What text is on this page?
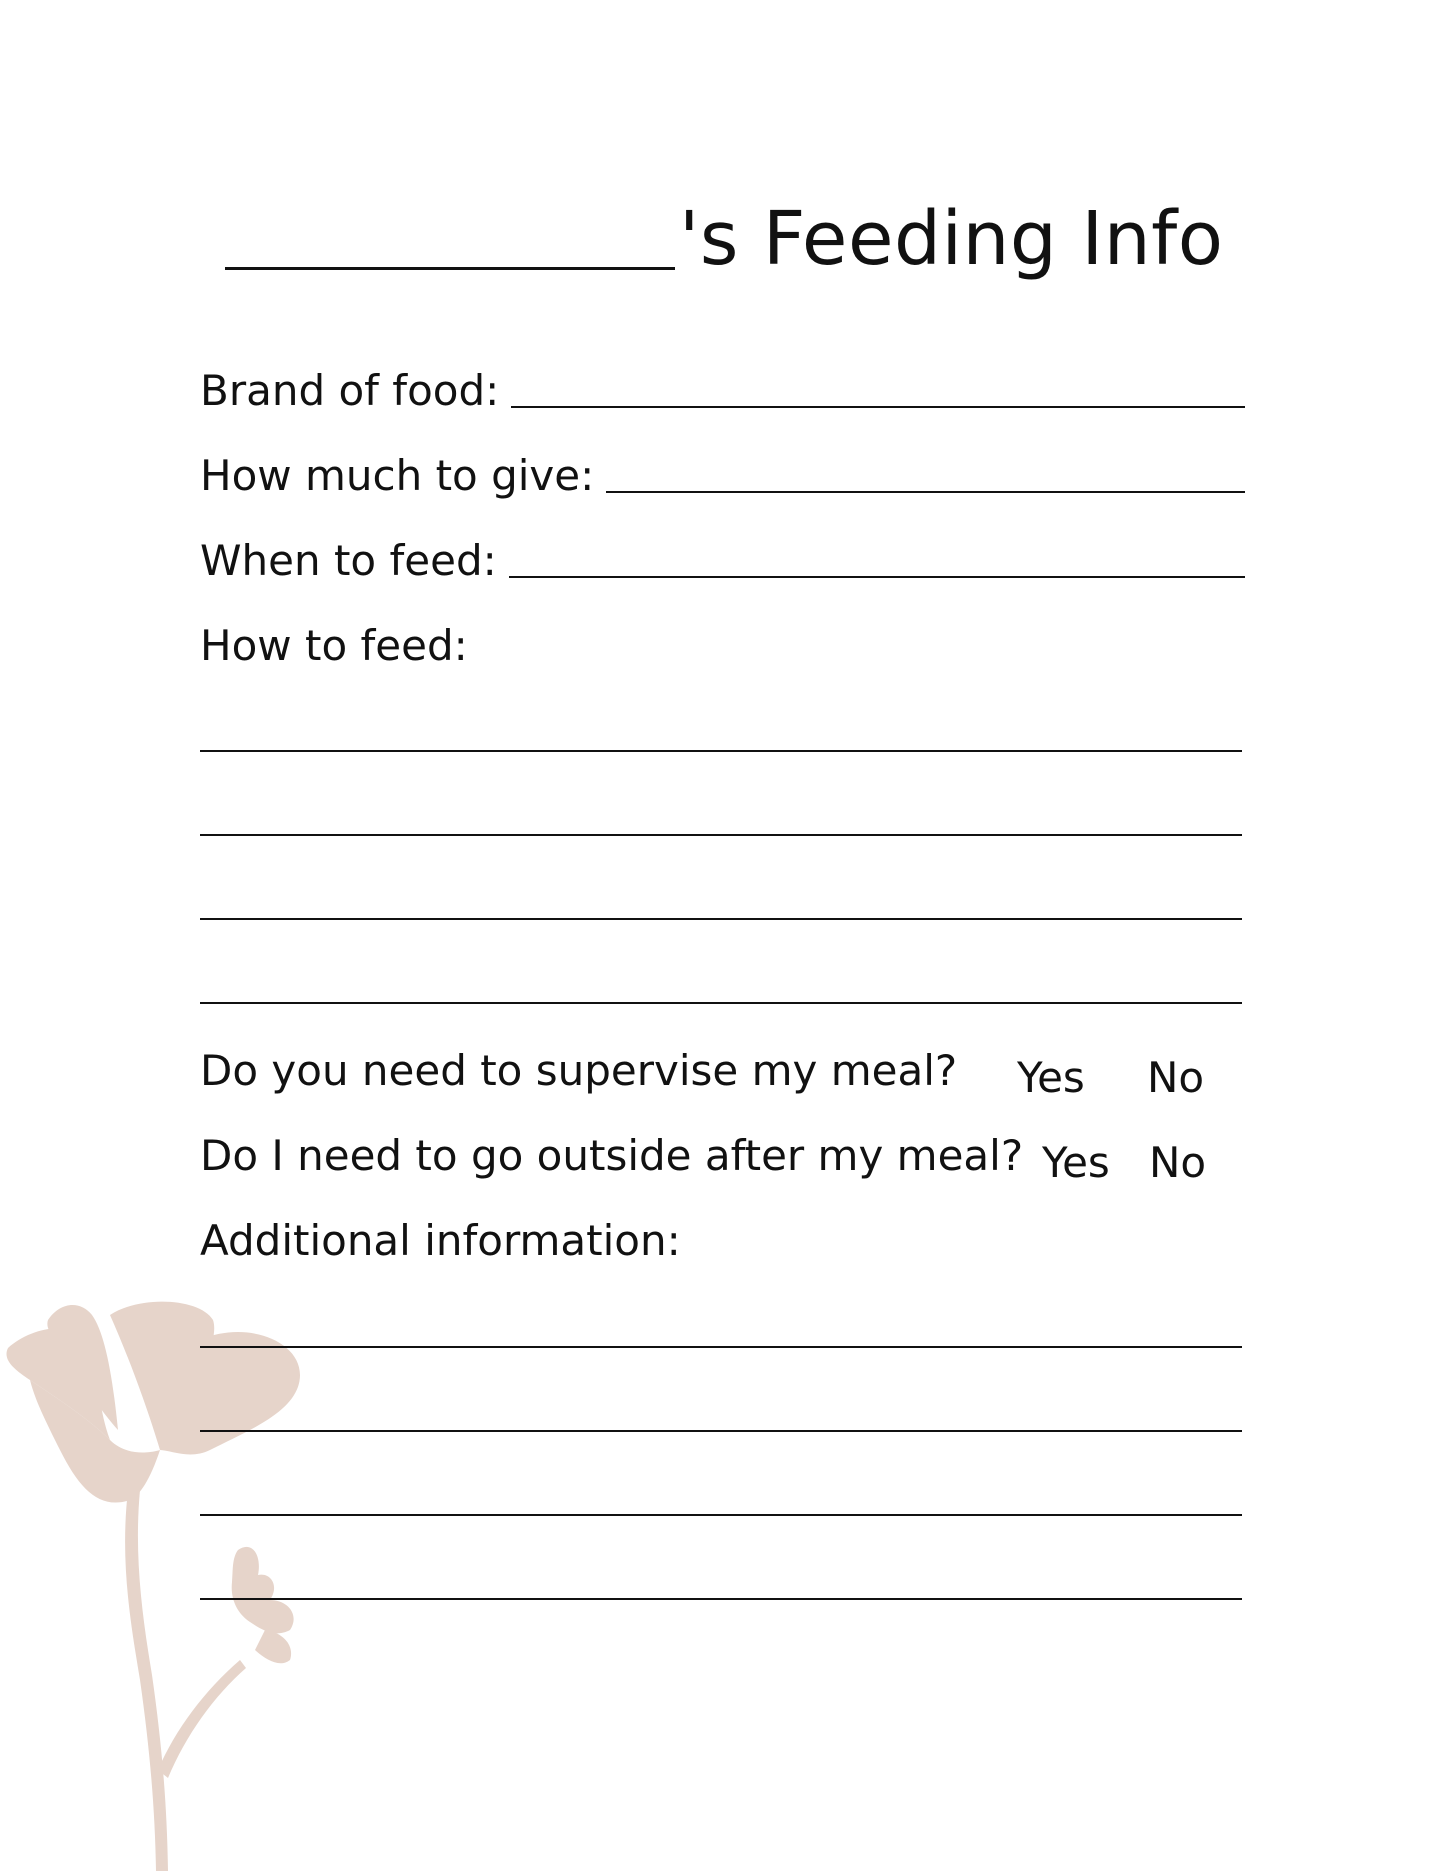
's Feeding Info
Brand of food:
How much to give:
When to feed:
How to feed:
Do you need to supervise my meal? Yes No
Do I need to go outside after my meal? Yes No
Additional information:
